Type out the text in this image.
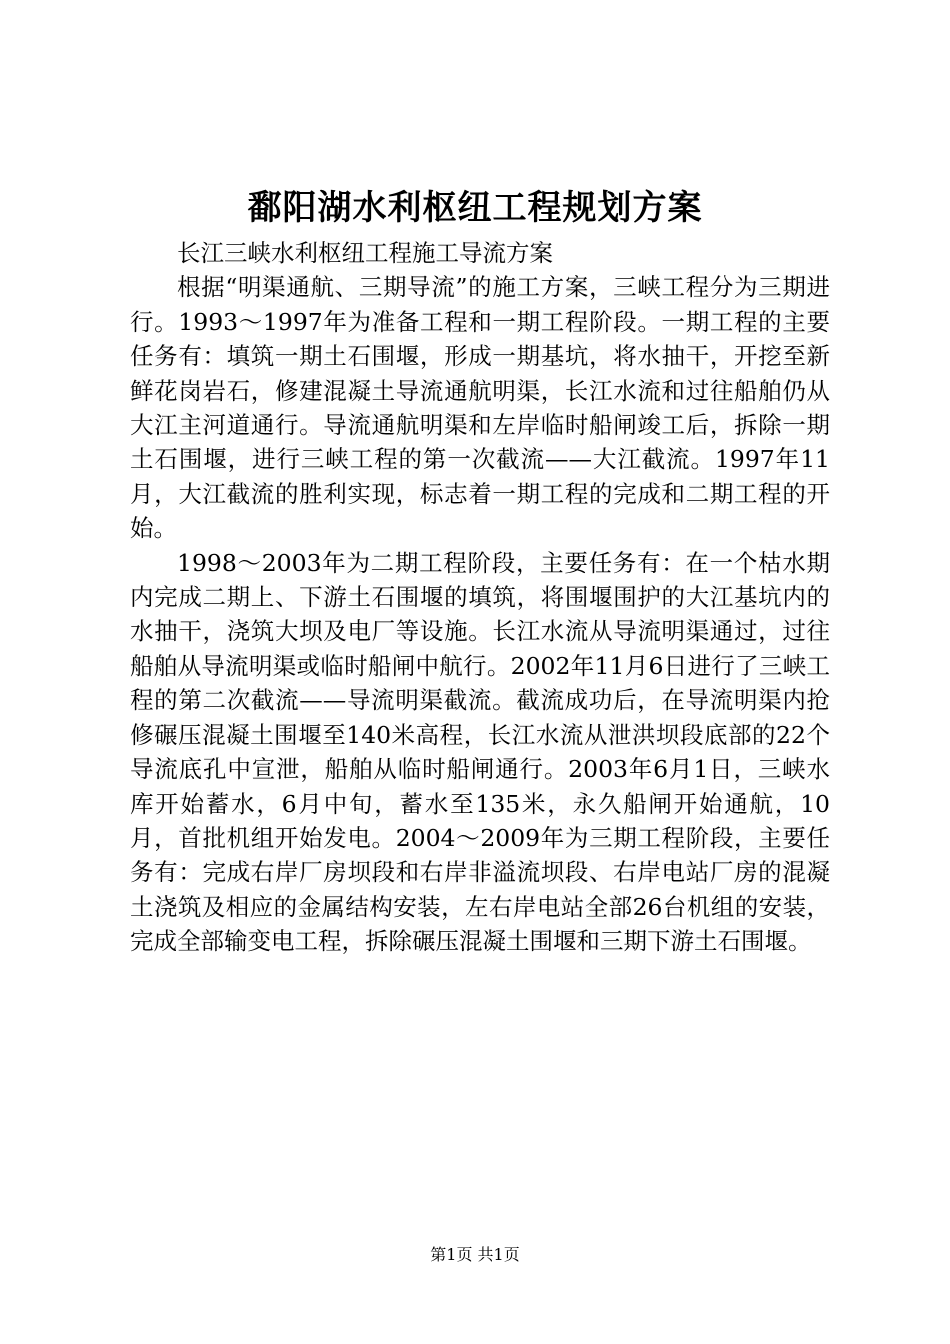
鄱阳湖水利枢纽工程规划方案

长江三峡水利枢纽工程施工导流方案

根据“明渠通航、三期导流”的施工方案，三峡工程分为三期进行。1993～1997年为准备工程和一期工程阶段。一期工程的主要任务有：填筑一期土石围堰，形成一期基坑，将水抽干，开挖至新鲜花岗岩石，修建混凝土导流通航明渠，长江水流和过往船舶仍从大江主河道通行。导流通航明渠和左岸临时船闸竣工后，拆除一期土石围堰，进行三峡工程的第一次截流——大江截流。1997年11月，大江截流的胜利实现，标志着一期工程的完成和二期工程的开始。

1998～2003年为二期工程阶段，主要任务有：在一个枯水期内完成二期上、下游土石围堰的填筑，将围堰围护的大江基坑内的水抽干，浇筑大坝及电厂等设施。长江水流从导流明渠通过，过往船舶从导流明渠或临时船闸中航行。2002年11月6日进行了三峡工程的第二次截流——导流明渠截流。截流成功后，在导流明渠内抢修碾压混凝土围堰至140米高程，长江水流从泄洪坝段底部的22个导流底孔中宣泄，船舶从临时船闸通行。2003年6月1日，三峡水库开始蓄水，6月中旬，蓄水至135米，永久船闸开始通航，10月，首批机组开始发电。2004～2009年为三期工程阶段，主要任务有：完成右岸厂房坝段和右岸非溢流坝段、右岸电站厂房的混凝土浇筑及相应的金属结构安装，左右岸电站全部26台机组的安装，完成全部输变电工程，拆除碾压混凝土围堰和三期下游土石围堰。

第1页 共1页
